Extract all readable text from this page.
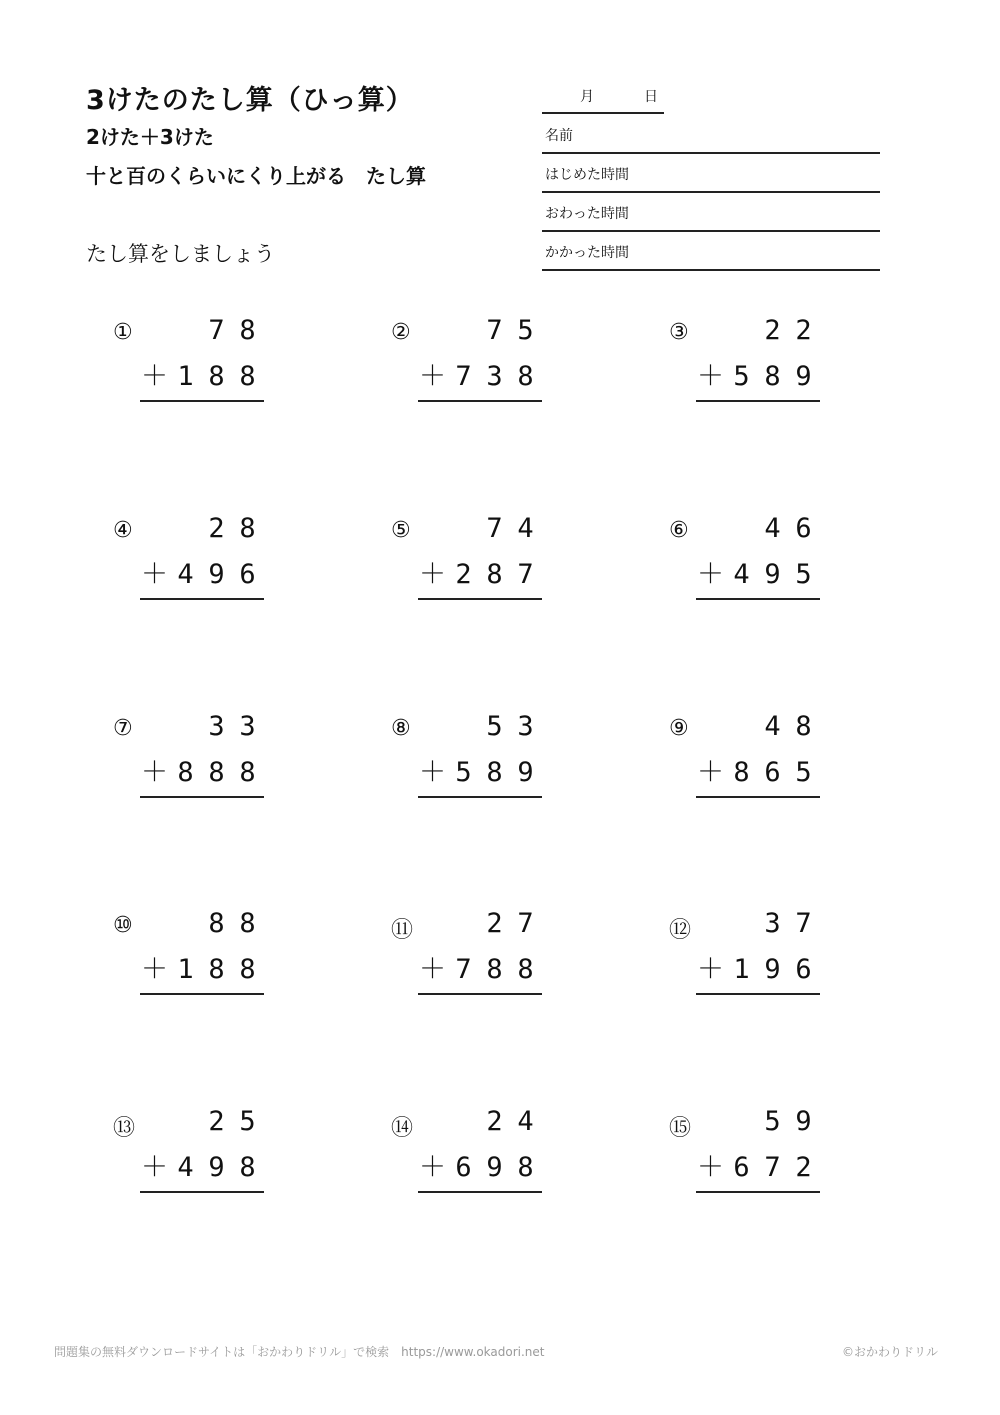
3けたのたし算（ひっ算）
2けた＋3けた
十と百のくらいにくり上がる　たし算
たし算をしましょう
月	日
名前
はじめた時間
おわった時間
かかった時間
①	7 8
＋ 1 8 8
②	7 5
＋ 7 3 8
③	2 2
＋ 5 8 9
④	2 8
＋ 4 9 6
⑤	7 4
＋ 2 8 7
⑥	4 6
＋ 4 9 5
⑦	3 3
＋ 8 8 8
⑧	5 3
＋ 5 8 9
⑨	4 8
＋ 8 6 5
⑩	8 8
＋ 1 8 8
⑪	2 7
＋ 7 8 8
⑫	3 7
＋ 1 9 6
⑬	2 5
＋ 4 9 8
⑭	2 4
＋ 6 9 8
⑮	5 9
＋ 6 7 2
問題集の無料ダウンロードサイトは「おかわりドリル」で検索　https://www.okadori.net	©おかわりドリル
